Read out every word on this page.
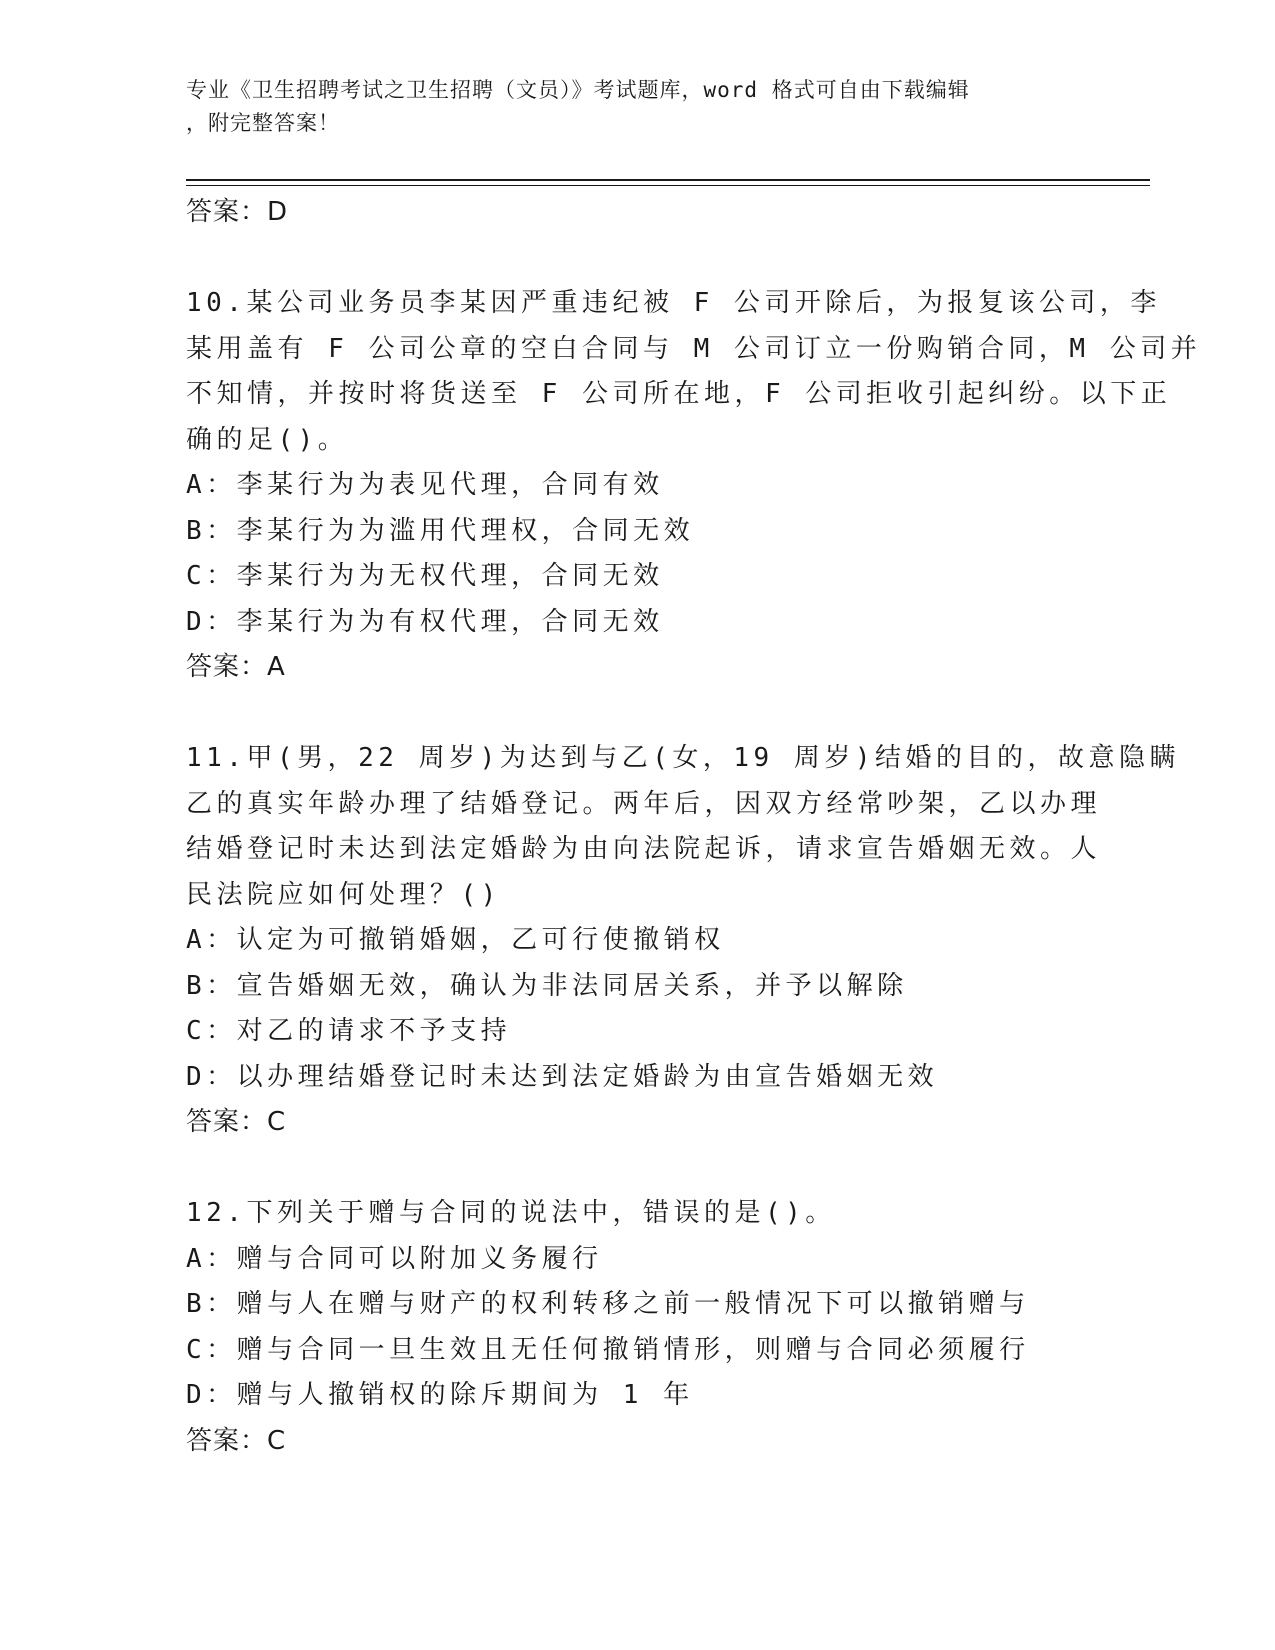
专业《卫生招聘考试之卫生招聘（文员）》考试题库，word 格式可自由下载编辑
，附完整答案！
答案：D
10.某公司业务员李某因严重违纪被 F 公司开除后，为报复该公司，李
某用盖有 F 公司公章的空白合同与 M 公司订立一份购销合同，M 公司并
不知情，并按时将货送至 F 公司所在地，F 公司拒收引起纠纷。以下正
确的足()。
A：李某行为为表见代理，合同有效
B：李某行为为滥用代理权，合同无效
C：李某行为为无权代理，合同无效
D：李某行为为有权代理，合同无效
答案：A
11.甲(男，22 周岁)为达到与乙(女，19 周岁)结婚的目的，故意隐瞒
乙的真实年龄办理了结婚登记。两年后，因双方经常吵架，乙以办理
结婚登记时未达到法定婚龄为由向法院起诉，请求宣告婚姻无效。人
民法院应如何处理？()
A：认定为可撤销婚姻，乙可行使撤销权
B：宣告婚姻无效，确认为非法同居关系，并予以解除
C：对乙的请求不予支持
D：以办理结婚登记时未达到法定婚龄为由宣告婚姻无效
答案：C
12.下列关于赠与合同的说法中，错误的是()。
A：赠与合同可以附加义务履行
B：赠与人在赠与财产的权利转移之前一般情况下可以撤销赠与
C：赠与合同一旦生效且无任何撤销情形，则赠与合同必须履行
D：赠与人撤销权的除斥期间为 1 年
答案：C
